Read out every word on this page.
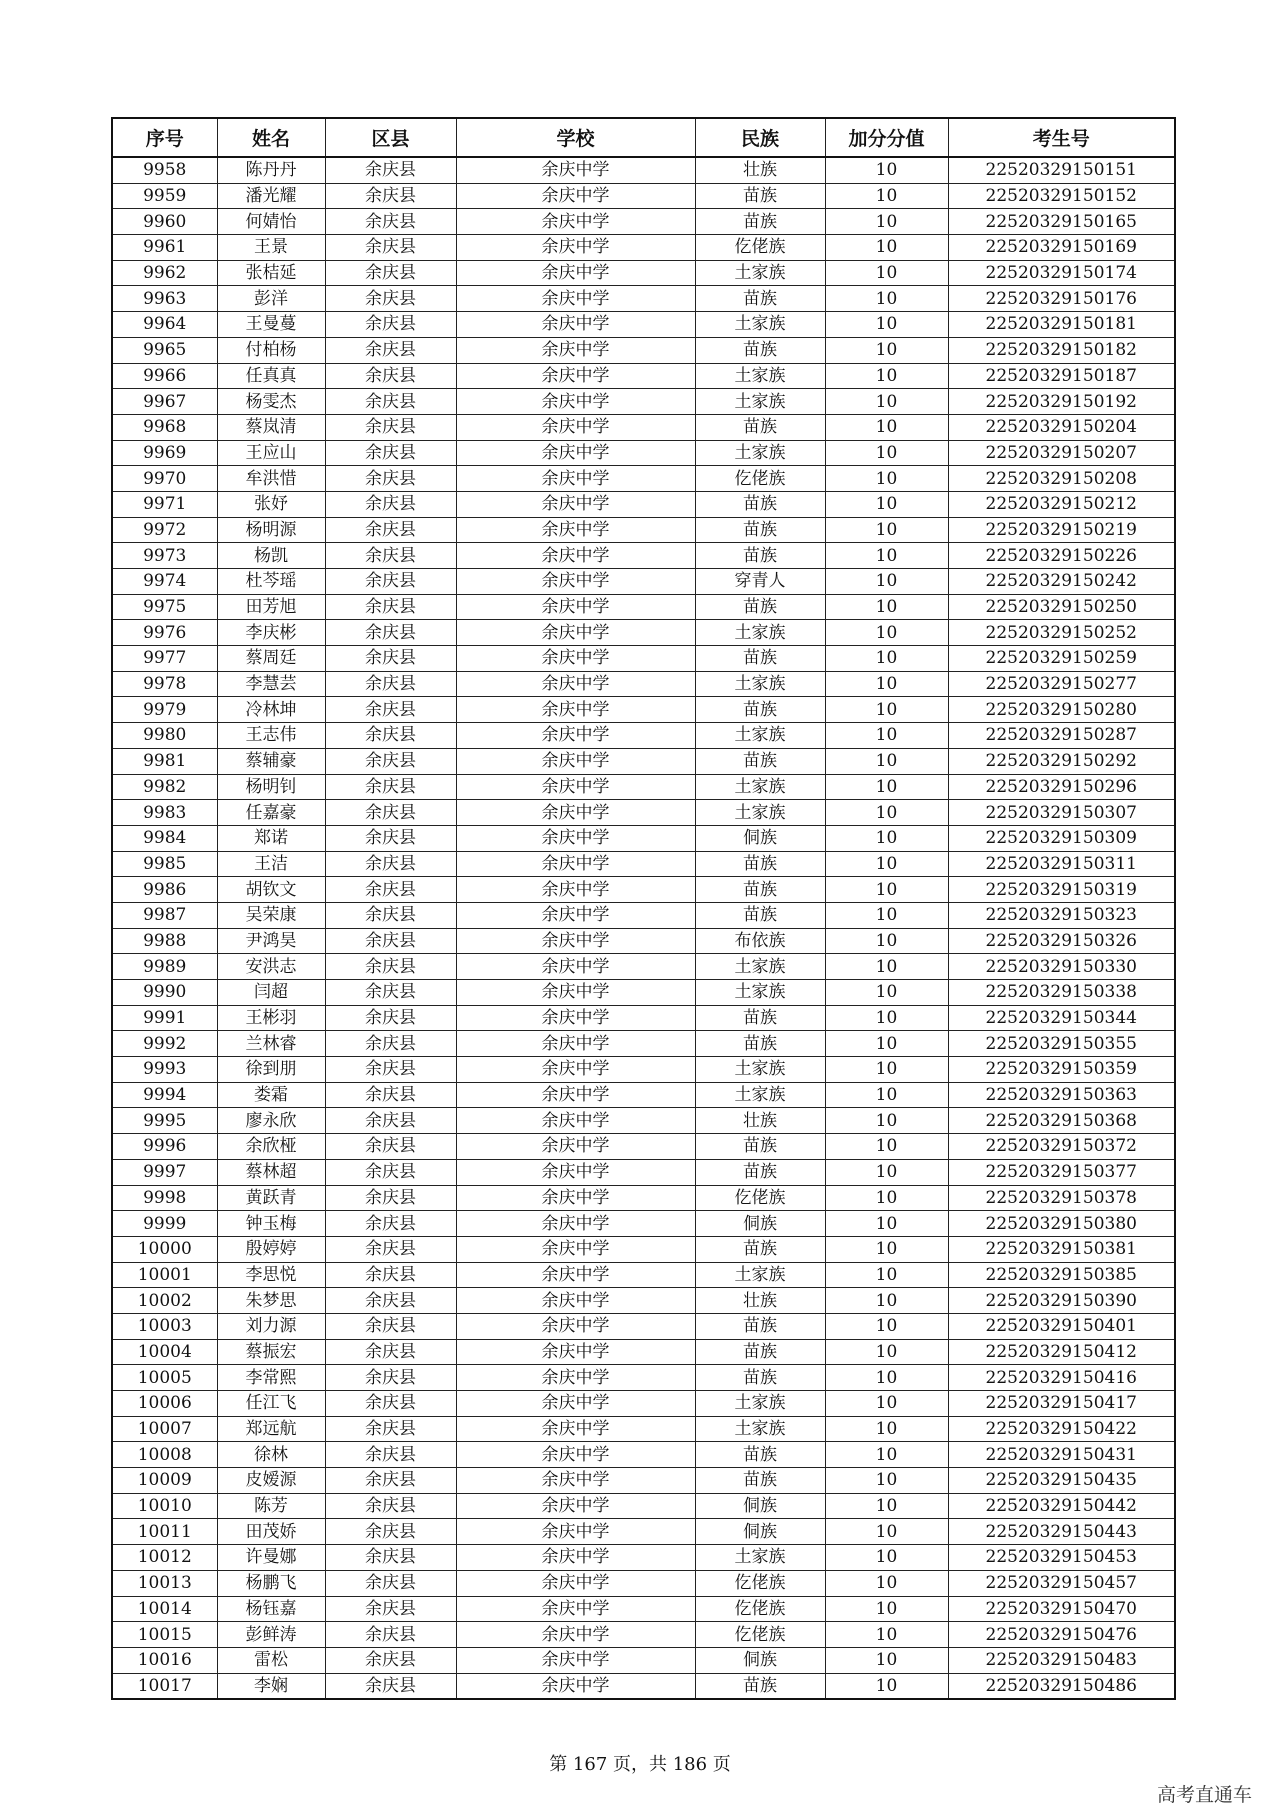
序号	姓名	区县	学校	民族	加分分值	考生号
9958	陈丹丹	余庆县	余庆中学	壮族	10	22520329150151
9959	潘光耀	余庆县	余庆中学	苗族	10	22520329150152
9960	何婧怡	余庆县	余庆中学	苗族	10	22520329150165
9961	王景	余庆县	余庆中学	仡佬族	10	22520329150169
9962	张桔延	余庆县	余庆中学	土家族	10	22520329150174
9963	彭洋	余庆县	余庆中学	苗族	10	22520329150176
9964	王曼蔓	余庆县	余庆中学	土家族	10	22520329150181
9965	付柏杨	余庆县	余庆中学	苗族	10	22520329150182
9966	任真真	余庆县	余庆中学	土家族	10	22520329150187
9967	杨雯杰	余庆县	余庆中学	土家族	10	22520329150192
9968	蔡岚清	余庆县	余庆中学	苗族	10	22520329150204
9969	王应山	余庆县	余庆中学	土家族	10	22520329150207
9970	牟洪惜	余庆县	余庆中学	仡佬族	10	22520329150208
9971	张妤	余庆县	余庆中学	苗族	10	22520329150212
9972	杨明源	余庆县	余庆中学	苗族	10	22520329150219
9973	杨凯	余庆县	余庆中学	苗族	10	22520329150226
9974	杜芩瑶	余庆县	余庆中学	穿青人	10	22520329150242
9975	田芳旭	余庆县	余庆中学	苗族	10	22520329150250
9976	李庆彬	余庆县	余庆中学	土家族	10	22520329150252
9977	蔡周廷	余庆县	余庆中学	苗族	10	22520329150259
9978	李慧芸	余庆县	余庆中学	土家族	10	22520329150277
9979	冷林坤	余庆县	余庆中学	苗族	10	22520329150280
9980	王志伟	余庆县	余庆中学	土家族	10	22520329150287
9981	蔡辅豪	余庆县	余庆中学	苗族	10	22520329150292
9982	杨明钊	余庆县	余庆中学	土家族	10	22520329150296
9983	任嘉豪	余庆县	余庆中学	土家族	10	22520329150307
9984	郑诺	余庆县	余庆中学	侗族	10	22520329150309
9985	王洁	余庆县	余庆中学	苗族	10	22520329150311
9986	胡钦文	余庆县	余庆中学	苗族	10	22520329150319
9987	吴荣康	余庆县	余庆中学	苗族	10	22520329150323
9988	尹鸿昊	余庆县	余庆中学	布依族	10	22520329150326
9989	安洪志	余庆县	余庆中学	土家族	10	22520329150330
9990	闫超	余庆县	余庆中学	土家族	10	22520329150338
9991	王彬羽	余庆县	余庆中学	苗族	10	22520329150344
9992	兰林睿	余庆县	余庆中学	苗族	10	22520329150355
9993	徐到朋	余庆县	余庆中学	土家族	10	22520329150359
9994	娄霜	余庆县	余庆中学	土家族	10	22520329150363
9995	廖永欣	余庆县	余庆中学	壮族	10	22520329150368
9996	余欣桠	余庆县	余庆中学	苗族	10	22520329150372
9997	蔡林超	余庆县	余庆中学	苗族	10	22520329150377
9998	黄跃青	余庆县	余庆中学	仡佬族	10	22520329150378
9999	钟玉梅	余庆县	余庆中学	侗族	10	22520329150380
10000	殷婷婷	余庆县	余庆中学	苗族	10	22520329150381
10001	李思悦	余庆县	余庆中学	土家族	10	22520329150385
10002	朱梦思	余庆县	余庆中学	壮族	10	22520329150390
10003	刘力源	余庆县	余庆中学	苗族	10	22520329150401
10004	蔡振宏	余庆县	余庆中学	苗族	10	22520329150412
10005	李常熙	余庆县	余庆中学	苗族	10	22520329150416
10006	任江飞	余庆县	余庆中学	土家族	10	22520329150417
10007	郑远航	余庆县	余庆中学	土家族	10	22520329150422
10008	徐林	余庆县	余庆中学	苗族	10	22520329150431
10009	皮嫒源	余庆县	余庆中学	苗族	10	22520329150435
10010	陈芳	余庆县	余庆中学	侗族	10	22520329150442
10011	田茂娇	余庆县	余庆中学	侗族	10	22520329150443
10012	许曼娜	余庆县	余庆中学	土家族	10	22520329150453
10013	杨鹏飞	余庆县	余庆中学	仡佬族	10	22520329150457
10014	杨钰嘉	余庆县	余庆中学	仡佬族	10	22520329150470
10015	彭鲜涛	余庆县	余庆中学	仡佬族	10	22520329150476
10016	雷松	余庆县	余庆中学	侗族	10	22520329150483
10017	李娴	余庆县	余庆中学	苗族	10	22520329150486
第 167 页，共 186 页
高考直通车
